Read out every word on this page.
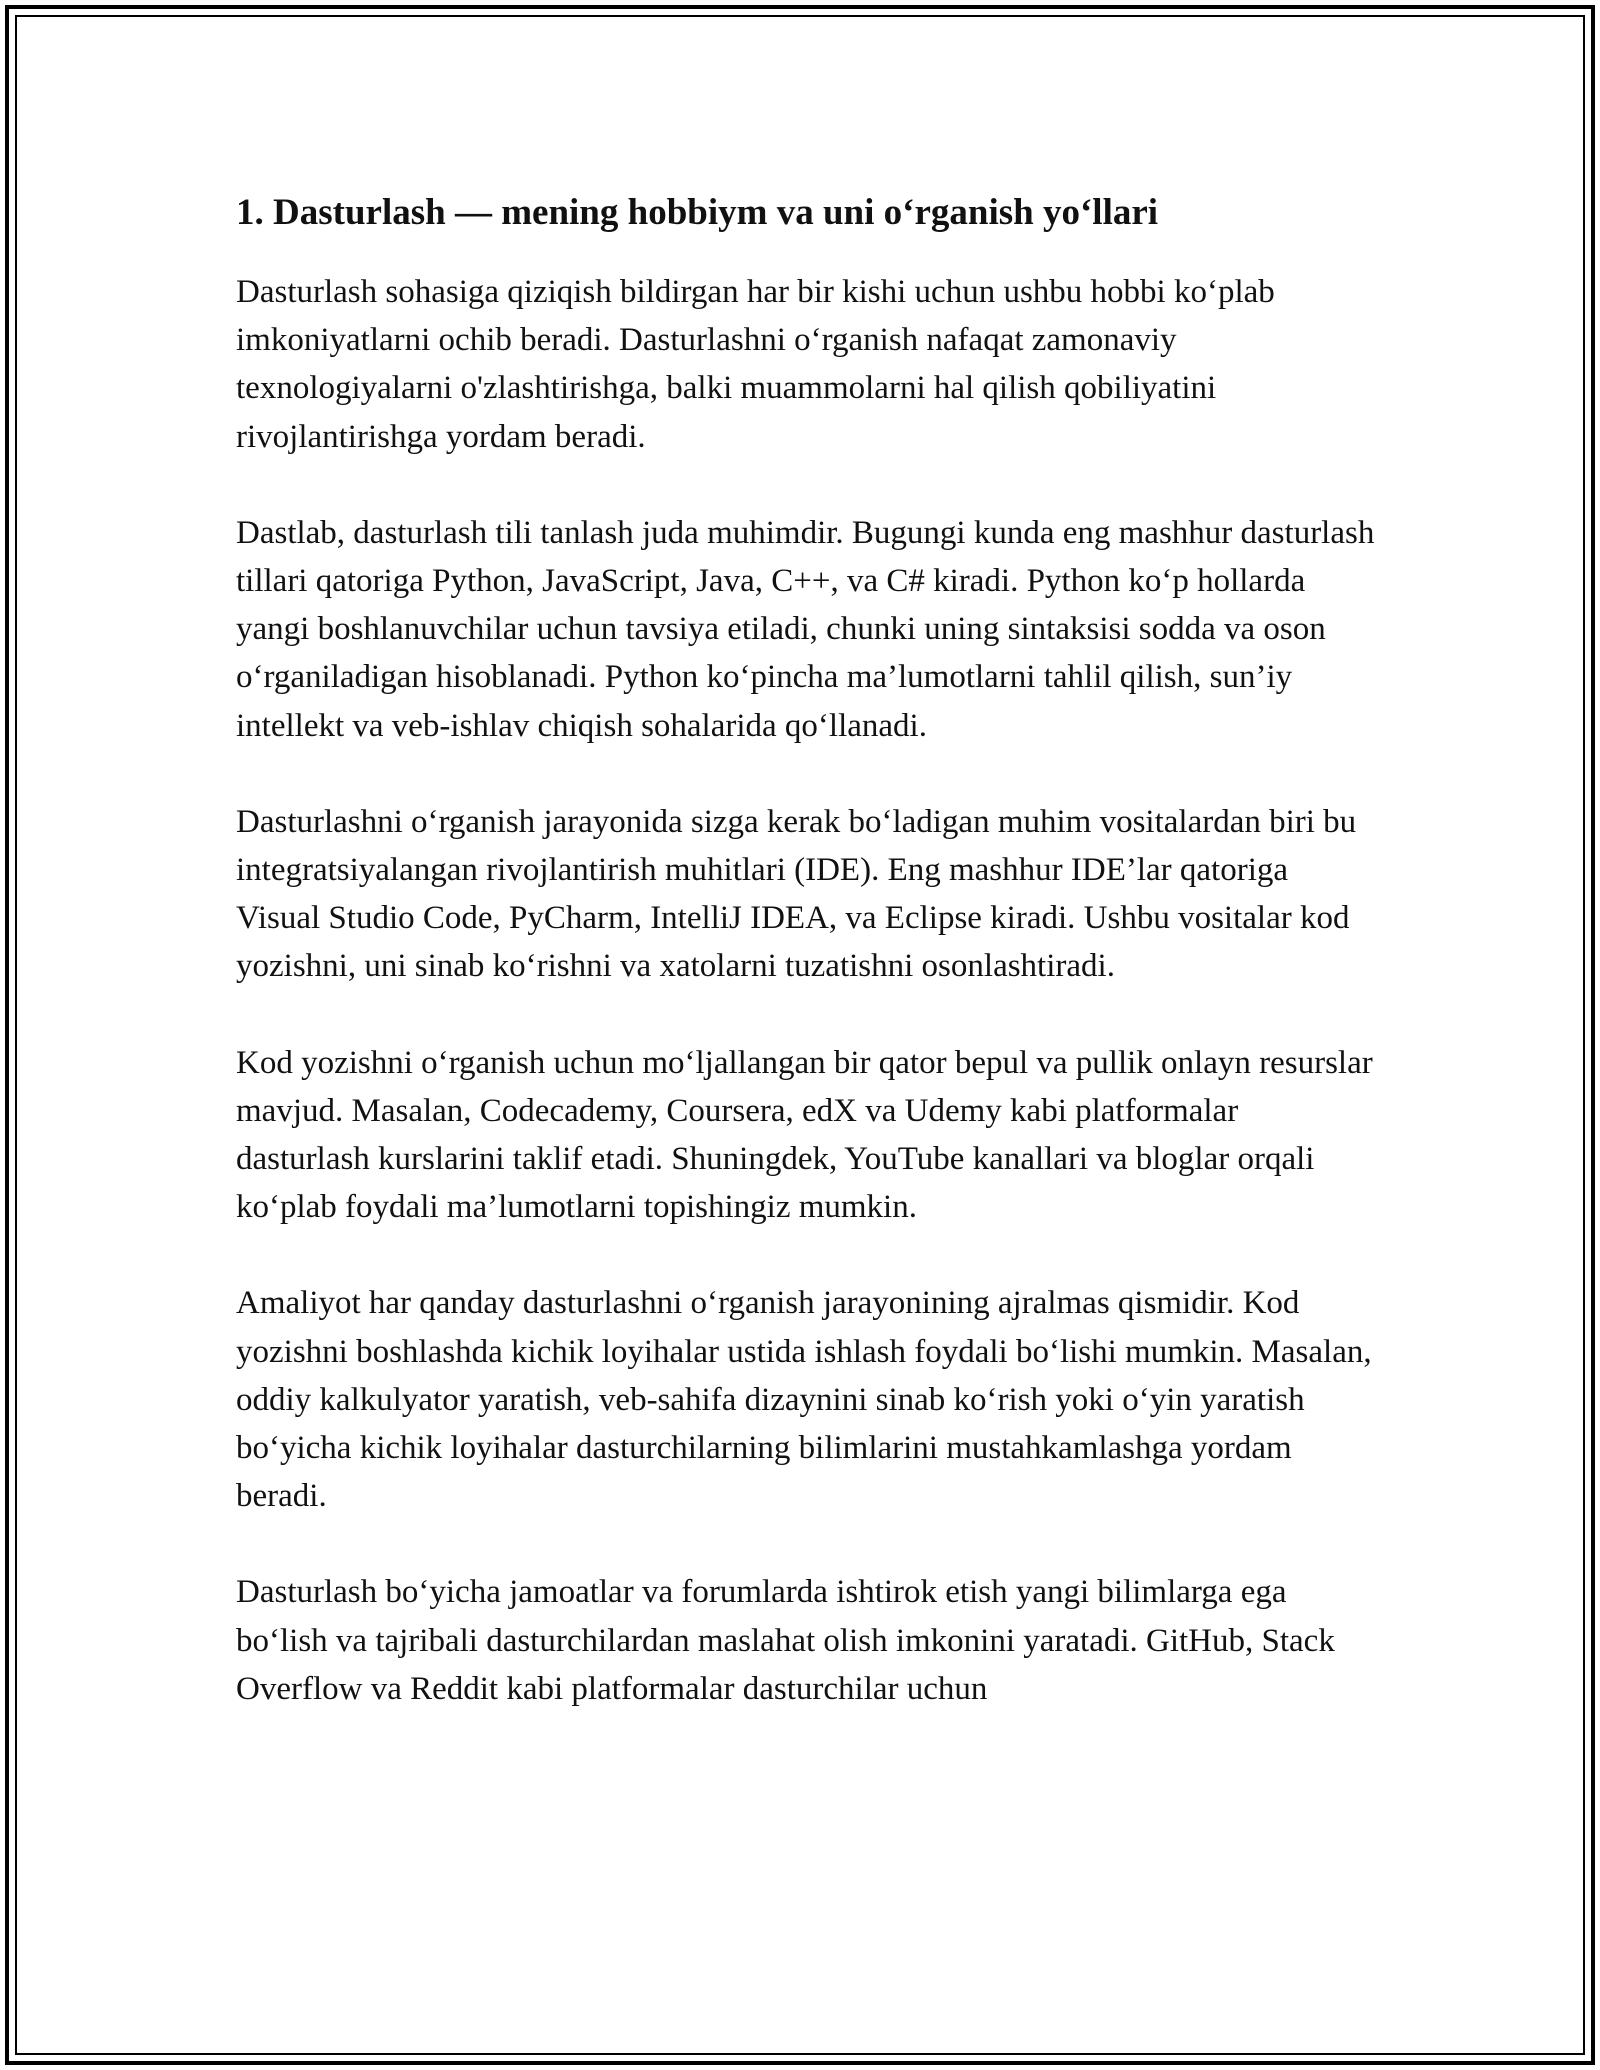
1. Dasturlash — mening hobbiym va uni o‘rganish yo‘llari

Dasturlash sohasiga qiziqish bildirgan har bir kishi uchun ushbu hobbi ko‘plab imkoniyatlarni ochib beradi. Dasturlashni o‘rganish nafaqat zamonaviy texnologiyalarni o'zlashtirishga, balki muammolarni hal qilish qobiliyatini rivojlantirishga yordam beradi.

Dastlab, dasturlash tili tanlash juda muhimdir. Bugungi kunda eng mashhur dasturlash tillari qatoriga Python, JavaScript, Java, C++, va C# kiradi. Python ko‘p hollarda yangi boshlanuvchilar uchun tavsiya etiladi, chunki uning sintaksisi sodda va oson o‘rganiladigan hisoblanadi. Python ko‘pincha ma’lumotlarni tahlil qilish, sun’iy intellekt va veb-ishlav chiqish sohalarida qo‘llanadi.

Dasturlashni o‘rganish jarayonida sizga kerak bo‘ladigan muhim vositalardan biri bu integratsiyalangan rivojlantirish muhitlari (IDE). Eng mashhur IDE’lar qatoriga Visual Studio Code, PyCharm, IntelliJ IDEA, va Eclipse kiradi. Ushbu vositalar kod yozishni, uni sinab ko‘rishni va xatolarni tuzatishni osonlashtiradi.

Kod yozishni o‘rganish uchun mo‘ljallangan bir qator bepul va pullik onlayn resurslar mavjud. Masalan, Codecademy, Coursera, edX va Udemy kabi platformalar dasturlash kurslarini taklif etadi. Shuningdek, YouTube kanallari va bloglar orqali ko‘plab foydali ma’lumotlarni topishingiz mumkin.

Amaliyot har qanday dasturlashni o‘rganish jarayonining ajralmas qismidir. Kod yozishni boshlashda kichik loyihalar ustida ishlash foydali bo‘lishi mumkin. Masalan, oddiy kalkulyator yaratish, veb-sahifa dizaynini sinab ko‘rish yoki o‘yin yaratish bo‘yicha kichik loyihalar dasturchilarning bilimlarini mustahkamlashga yordam beradi.

Dasturlash bo‘yicha jamoatlar va forumlarda ishtirok etish yangi bilimlarga ega bo‘lish va tajribali dasturchilardan maslahat olish imkonini yaratadi. GitHub, Stack Overflow va Reddit kabi platformalar dasturchilar uchun
